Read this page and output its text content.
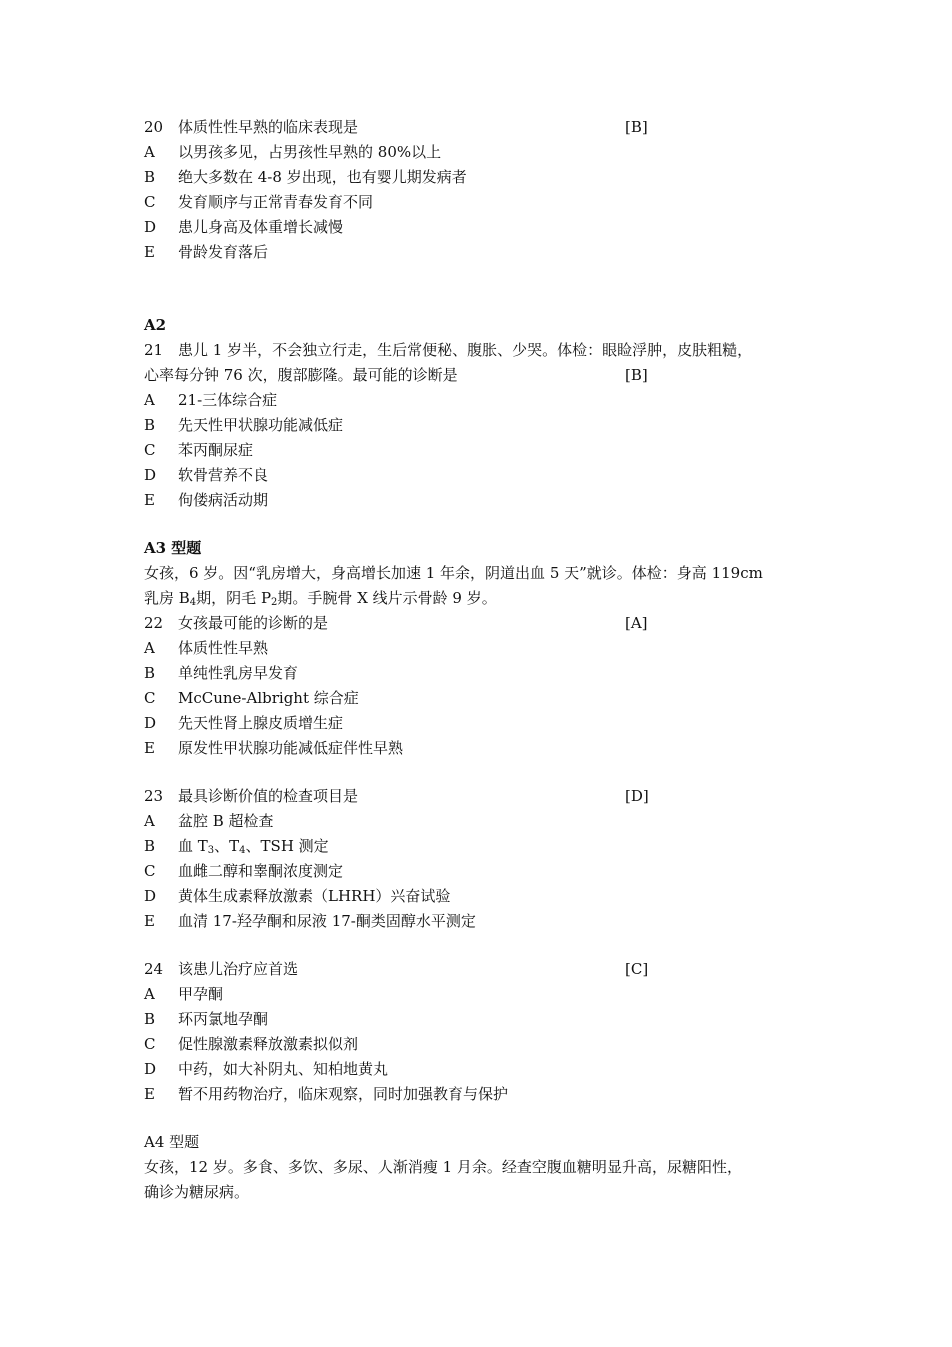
20 体质性性早熟的临床表现是	[B]
A 以男孩多见，占男孩性早熟的 80%以上
B 绝大多数在 4-8 岁出现，也有婴儿期发病者
C 发育顺序与正常青春发育不同
D 患儿身高及体重增长减慢
E 骨龄发育落后
A2
21 患儿 1 岁半，不会独立行走，生后常便秘、腹胀、少哭。体检：眼睑浮肿，皮肤粗糙，
心率每分钟 76 次，腹部膨隆。最可能的诊断是	[B]
A 21-三体综合症
B 先天性甲状腺功能减低症
C 苯丙酮尿症
D 软骨营养不良
E 佝偻病活动期
A3 型题
女孩，6 岁。因“乳房增大，身高增长加速 1 年余，阴道出血 5 天”就诊。体检：身高 119cm
乳房 $B_4$期，阴毛 $P_2$期。手腕骨 X 线片示骨龄 9 岁。
22 女孩最可能的诊断的是	[A]
A 体质性性早熟
B 单纯性乳房早发育
C McCune-Albright 综合症
D 先天性肾上腺皮质增生症
E 原发性甲状腺功能减低症伴性早熟
23 最具诊断价值的检查项目是	[D]
A 盆腔 B 超检查
B 血 $T_3$、$T_4$、TSH 测定
C 血雌二醇和睾酮浓度测定
D 黄体生成素释放激素（LHRH）兴奋试验
E 血清 17-羟孕酮和尿液 17-酮类固醇水平测定
24 该患儿治疗应首选	[C]
A 甲孕酮
B 环丙氯地孕酮
C 促性腺激素释放激素拟似剂
D 中药，如大补阴丸、知柏地黄丸
E 暂不用药物治疗，临床观察，同时加强教育与保护
A4 型题
女孩，12 岁。多食、多饮、多尿、人渐消瘦 1 月余。经查空腹血糖明显升高，尿糖阳性，
确诊为糖尿病。
